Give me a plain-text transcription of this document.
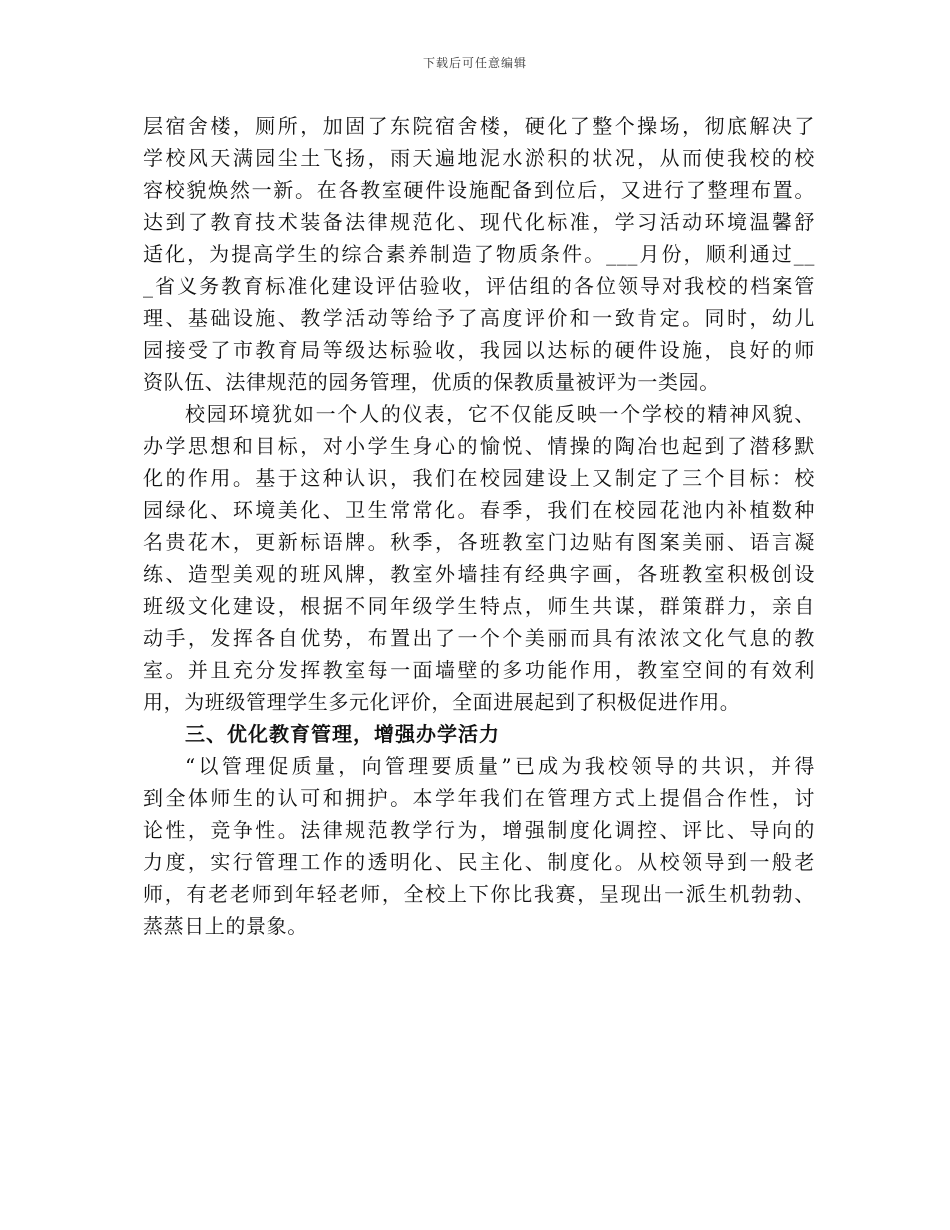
下载后可任意编辑
层宿舍楼，厕所，加固了东院宿舍楼，硬化了整个操场，彻底解决了
学校风天满园尘土飞扬，雨天遍地泥水淤积的状况，从而使我校的校
容校貌焕然一新。在各教室硬件设施配备到位后，又进行了整理布置。
达到了教育技术装备法律规范化、现代化标准，学习活动环境温馨舒
适化，为提高学生的综合素养制造了物质条件。___月份，顺利通过__
_省义务教育标准化建设评估验收，评估组的各位领导对我校的档案管
理、基础设施、教学活动等给予了高度评价和一致肯定。同时，幼儿
园接受了市教育局等级达标验收，我园以达标的硬件设施，良好的师
资队伍、法律规范的园务管理，优质的保教质量被评为一类园。
校园环境犹如一个人的仪表，它不仅能反映一个学校的精神风貌、
办学思想和目标，对小学生身心的愉悦、情操的陶冶也起到了潜移默
化的作用。基于这种认识，我们在校园建设上又制定了三个目标：校
园绿化、环境美化、卫生常常化。春季，我们在校园花池内补植数种
名贵花木，更新标语牌。秋季，各班教室门边贴有图案美丽、语言凝
练、造型美观的班风牌，教室外墙挂有经典字画，各班教室积极创设
班级文化建设，根据不同年级学生特点，师生共谋，群策群力，亲自
动手，发挥各自优势，布置出了一个个美丽而具有浓浓文化气息的教
室。并且充分发挥教室每一面墙壁的多功能作用，教室空间的有效利
用，为班级管理学生多元化评价，全面进展起到了积极促进作用。
三、优化教育管理，增强办学活力
“以管理促质量，向管理要质量”已成为我校领导的共识，并得
到全体师生的认可和拥护。本学年我们在管理方式上提倡合作性，讨
论性，竞争性。法律规范教学行为，增强制度化调控、评比、导向的
力度，实行管理工作的透明化、民主化、制度化。从校领导到一般老
师，有老老师到年轻老师，全校上下你比我赛，呈现出一派生机勃勃、
蒸蒸日上的景象。
